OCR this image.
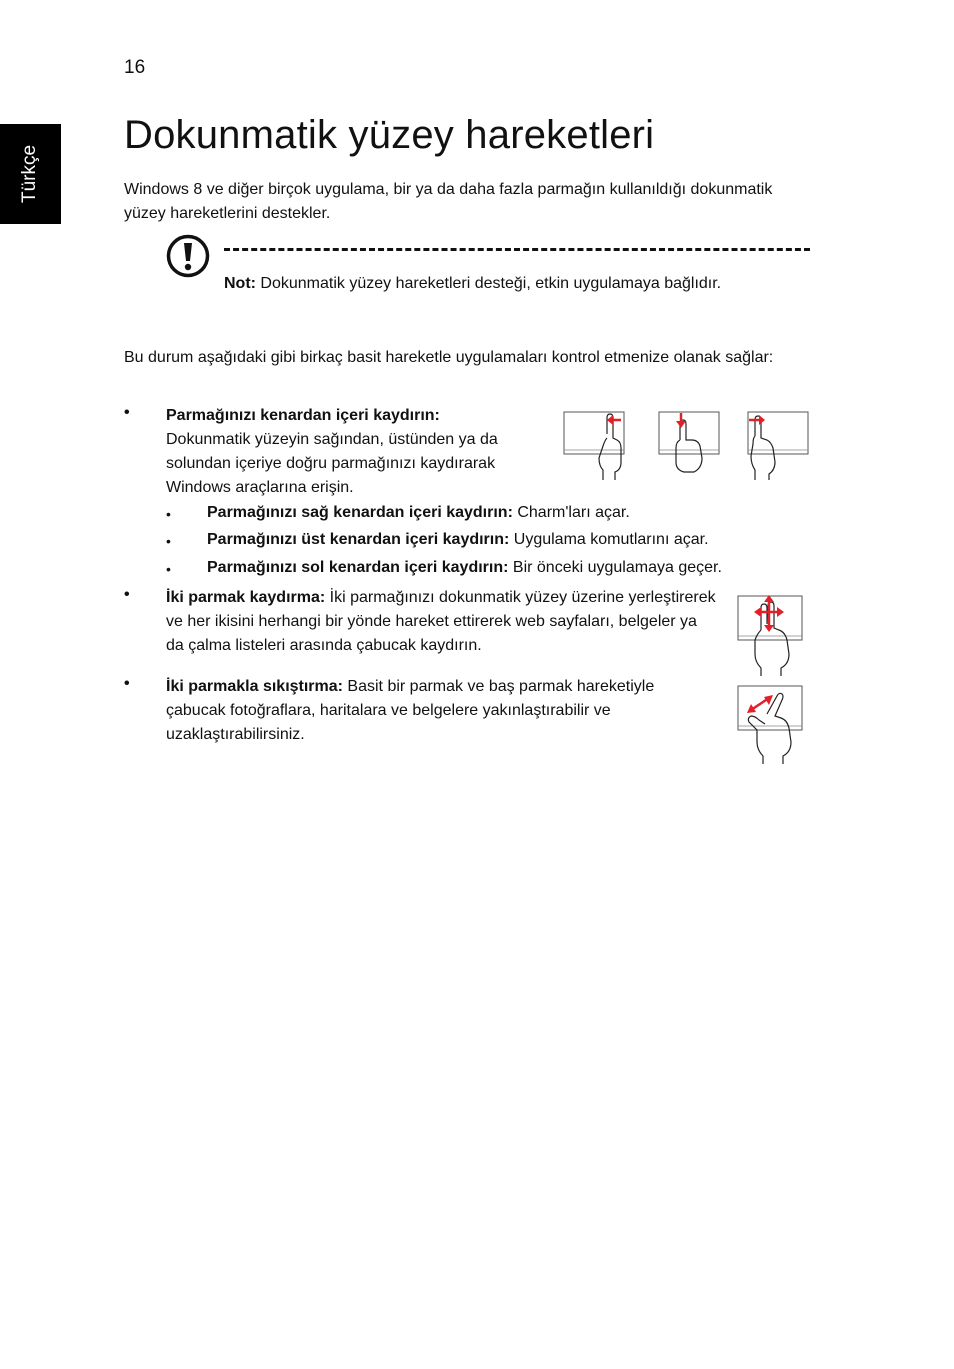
16
Türkçe
Dokunmatik yüzey hareketleri
Windows 8 ve diğer birçok uygulama, bir ya da daha fazla parmağın kullanıldığı dokunmatik yüzey hareketlerini destekler.
Not: Dokunmatik yüzey hareketleri desteği, etkin uygulamaya bağlıdır.
Bu durum aşağıdaki gibi birkaç basit hareketle uygulamaları kontrol etmenize olanak sağlar:
• Parmağınızı kenardan içeri kaydırın:
Dokunmatik yüzeyin sağından, üstünden ya da solundan içeriye doğru parmağınızı kaydırarak Windows araçlarına erişin.
• Parmağınızı sağ kenardan içeri kaydırın: Charm'ları açar.
• Parmağınızı üst kenardan içeri kaydırın: Uygulama komutlarını açar.
• Parmağınızı sol kenardan içeri kaydırın: Bir önceki uygulamaya geçer.
• İki parmak kaydırma: İki parmağınızı dokunmatik yüzey üzerine yerleştirerek ve her ikisini herhangi bir yönde hareket ettirerek web sayfaları, belgeler ya da çalma listeleri arasında çabucak kaydırın.
• İki parmakla sıkıştırma: Basit bir parmak ve baş parmak hareketiyle çabucak fotoğraflara, haritalara ve belgelere yakınlaştırabilir ve uzaklaştırabilirsiniz.
